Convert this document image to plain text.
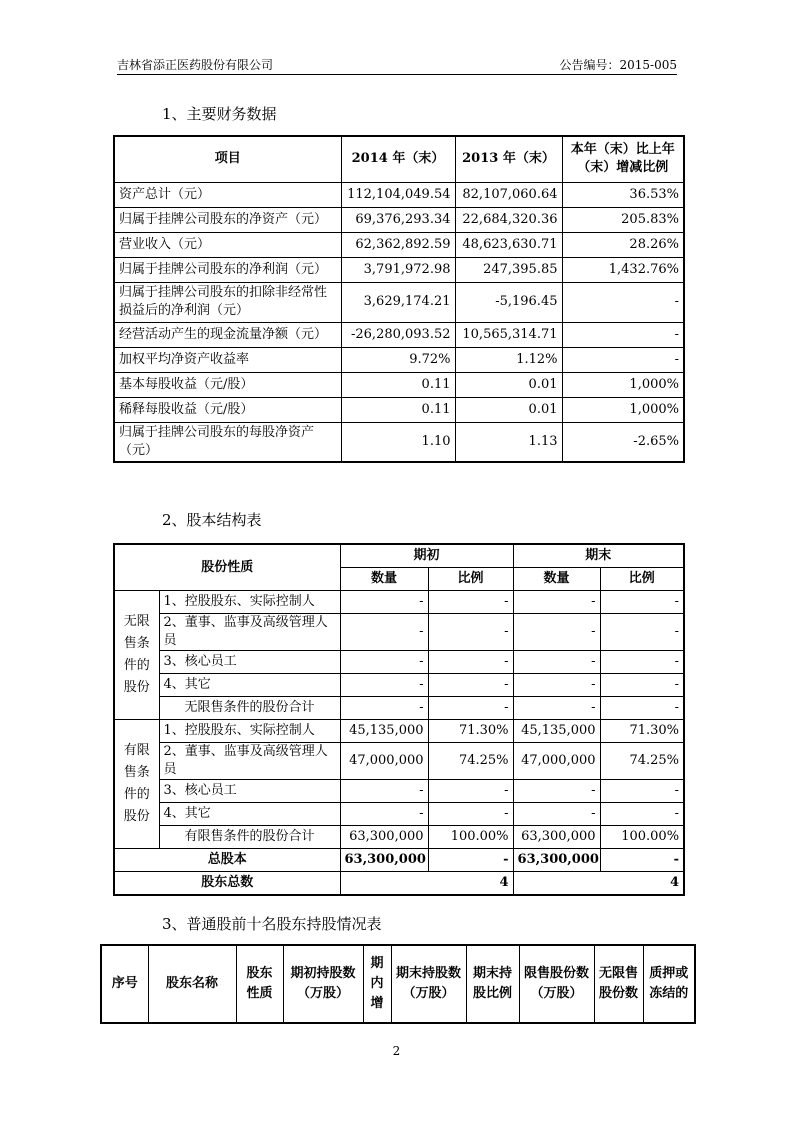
吉林省添正医药股份有限公司	公告编号：2015-005
1、主要财务数据
项目	2014 年（末）	2013 年（末）	本年（末）比上年（末）增减比例
资产总计（元）	112,104,049.54	82,107,060.64	36.53%
归属于挂牌公司股东的净资产（元）	69,376,293.34	22,684,320.36	205.83%
营业收入（元）	62,362,892.59	48,623,630.71	28.26%
归属于挂牌公司股东的净利润（元）	3,791,972.98	247,395.85	1,432.76%
归属于挂牌公司股东的扣除非经常性损益后的净利润（元）	3,629,174.21	-5,196.45	-
经营活动产生的现金流量净额（元）	-26,280,093.52	10,565,314.71	-
加权平均净资产收益率	9.72%	1.12%	-
基本每股收益（元/股）	0.11	0.01	1,000%
稀释每股收益（元/股）	0.11	0.01	1,000%
归属于挂牌公司股东的每股净资产（元）	1.10	1.13	-2.65%
2、股本结构表
股份性质		期初		期末	
		数量	比例	数量	比例
无限售条件的股份	1、控股股东、实际控制人	-	-	-	-
	2、董事、监事及高级管理人员	-	-	-	-
	3、核心员工	-	-	-	-
	4、其它	-	-	-	-
	无限售条件的股份合计	-	-	-	-
有限售条件的股份	1、控股股东、实际控制人	45,135,000	71.30%	45,135,000	71.30%
	2、董事、监事及高级管理人员	47,000,000	74.25%	47,000,000	74.25%
	3、核心员工	-	-	-	-
	4、其它	-	-	-	-
	有限售条件的股份合计	63,300,000	100.00%	63,300,000	100.00%
总股本		63,300,000	-	63,300,000	-
股东总数		4		4	
3、普通股前十名股东持股情况表
序号	股东名称	股东性质	期初持股数（万股）	期内增	期末持股数（万股）	期末持股比例	限售股份数（万股）	无限售股份数	质押或冻结的
2
